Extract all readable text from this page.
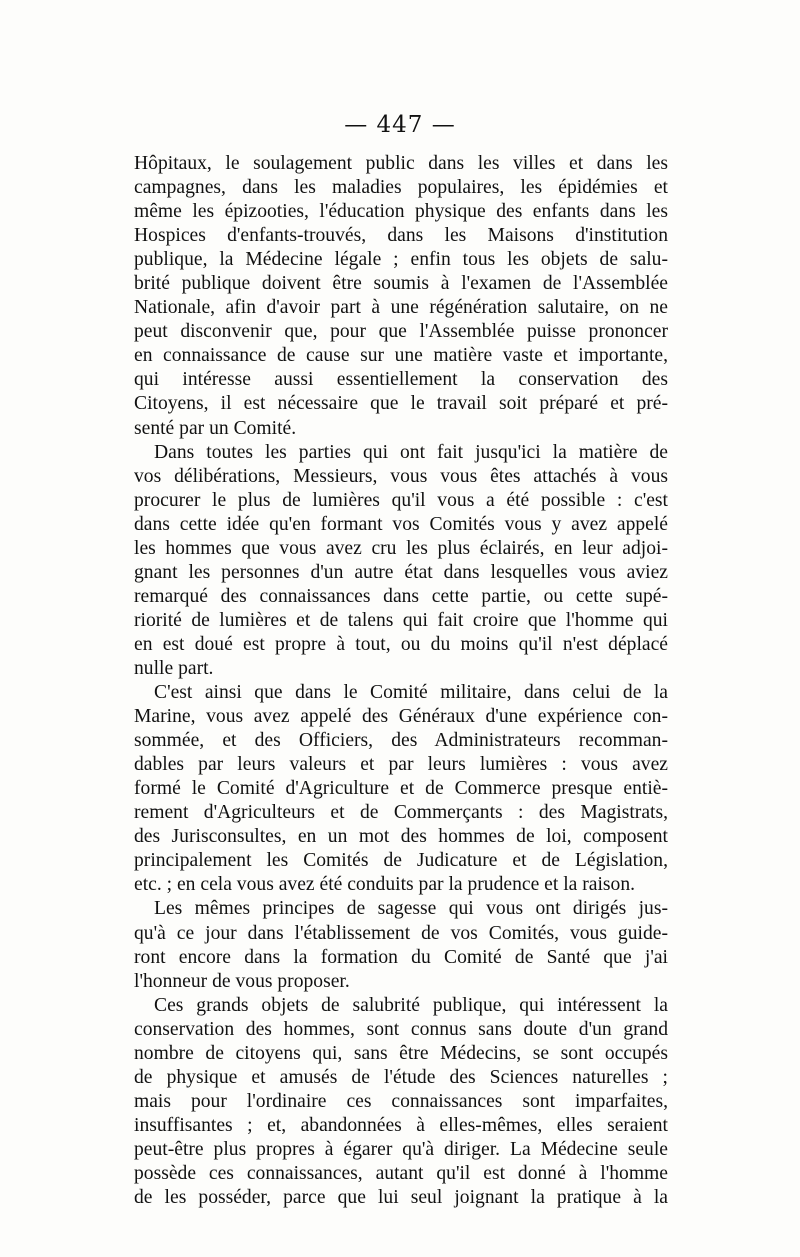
— 447 —
Hôpitaux, le soulagement public dans les villes et dans les
campagnes, dans les maladies populaires, les épidémies et
même les épizooties, l'éducation physique des enfants dans les
Hospices d'enfants-trouvés, dans les Maisons d'institution
publique, la Médecine légale ; enfin tous les objets de salu-
brité publique doivent être soumis à l'examen de l'Assemblée
Nationale, afin d'avoir part à une régénération salutaire, on ne
peut disconvenir que, pour que l'Assemblée puisse prononcer
en connaissance de cause sur une matière vaste et importante,
qui intéresse aussi essentiellement la conservation des
Citoyens, il est nécessaire que le travail soit préparé et pré-
senté par un Comité.
Dans toutes les parties qui ont fait jusqu'ici la matière de
vos délibérations, Messieurs, vous vous êtes attachés à vous
procurer le plus de lumières qu'il vous a été possible : c'est
dans cette idée qu'en formant vos Comités vous y avez appelé
les hommes que vous avez cru les plus éclairés, en leur adjoi-
gnant les personnes d'un autre état dans lesquelles vous aviez
remarqué des connaissances dans cette partie, ou cette supé-
riorité de lumières et de talens qui fait croire que l'homme qui
en est doué est propre à tout, ou du moins qu'il n'est déplacé
nulle part.
C'est ainsi que dans le Comité militaire, dans celui de la
Marine, vous avez appelé des Généraux d'une expérience con-
sommée, et des Officiers, des Administrateurs recomman-
dables par leurs valeurs et par leurs lumières : vous avez
formé le Comité d'Agriculture et de Commerce presque entiè-
rement d'Agriculteurs et de Commerçants : des Magistrats,
des Jurisconsultes, en un mot des hommes de loi, composent
principalement les Comités de Judicature et de Législation,
etc. ; en cela vous avez été conduits par la prudence et la raison.
Les mêmes principes de sagesse qui vous ont dirigés jus-
qu'à ce jour dans l'établissement de vos Comités, vous guide-
ront encore dans la formation du Comité de Santé que j'ai
l'honneur de vous proposer.
Ces grands objets de salubrité publique, qui intéressent la
conservation des hommes, sont connus sans doute d'un grand
nombre de citoyens qui, sans être Médecins, se sont occupés
de physique et amusés de l'étude des Sciences naturelles ;
mais pour l'ordinaire ces connaissances sont imparfaites,
insuffisantes ; et, abandonnées à elles-mêmes, elles seraient
peut-être plus propres à égarer qu'à diriger. La Médecine seule
possède ces connaissances, autant qu'il est donné à l'homme
de les posséder, parce que lui seul joignant la pratique à la
